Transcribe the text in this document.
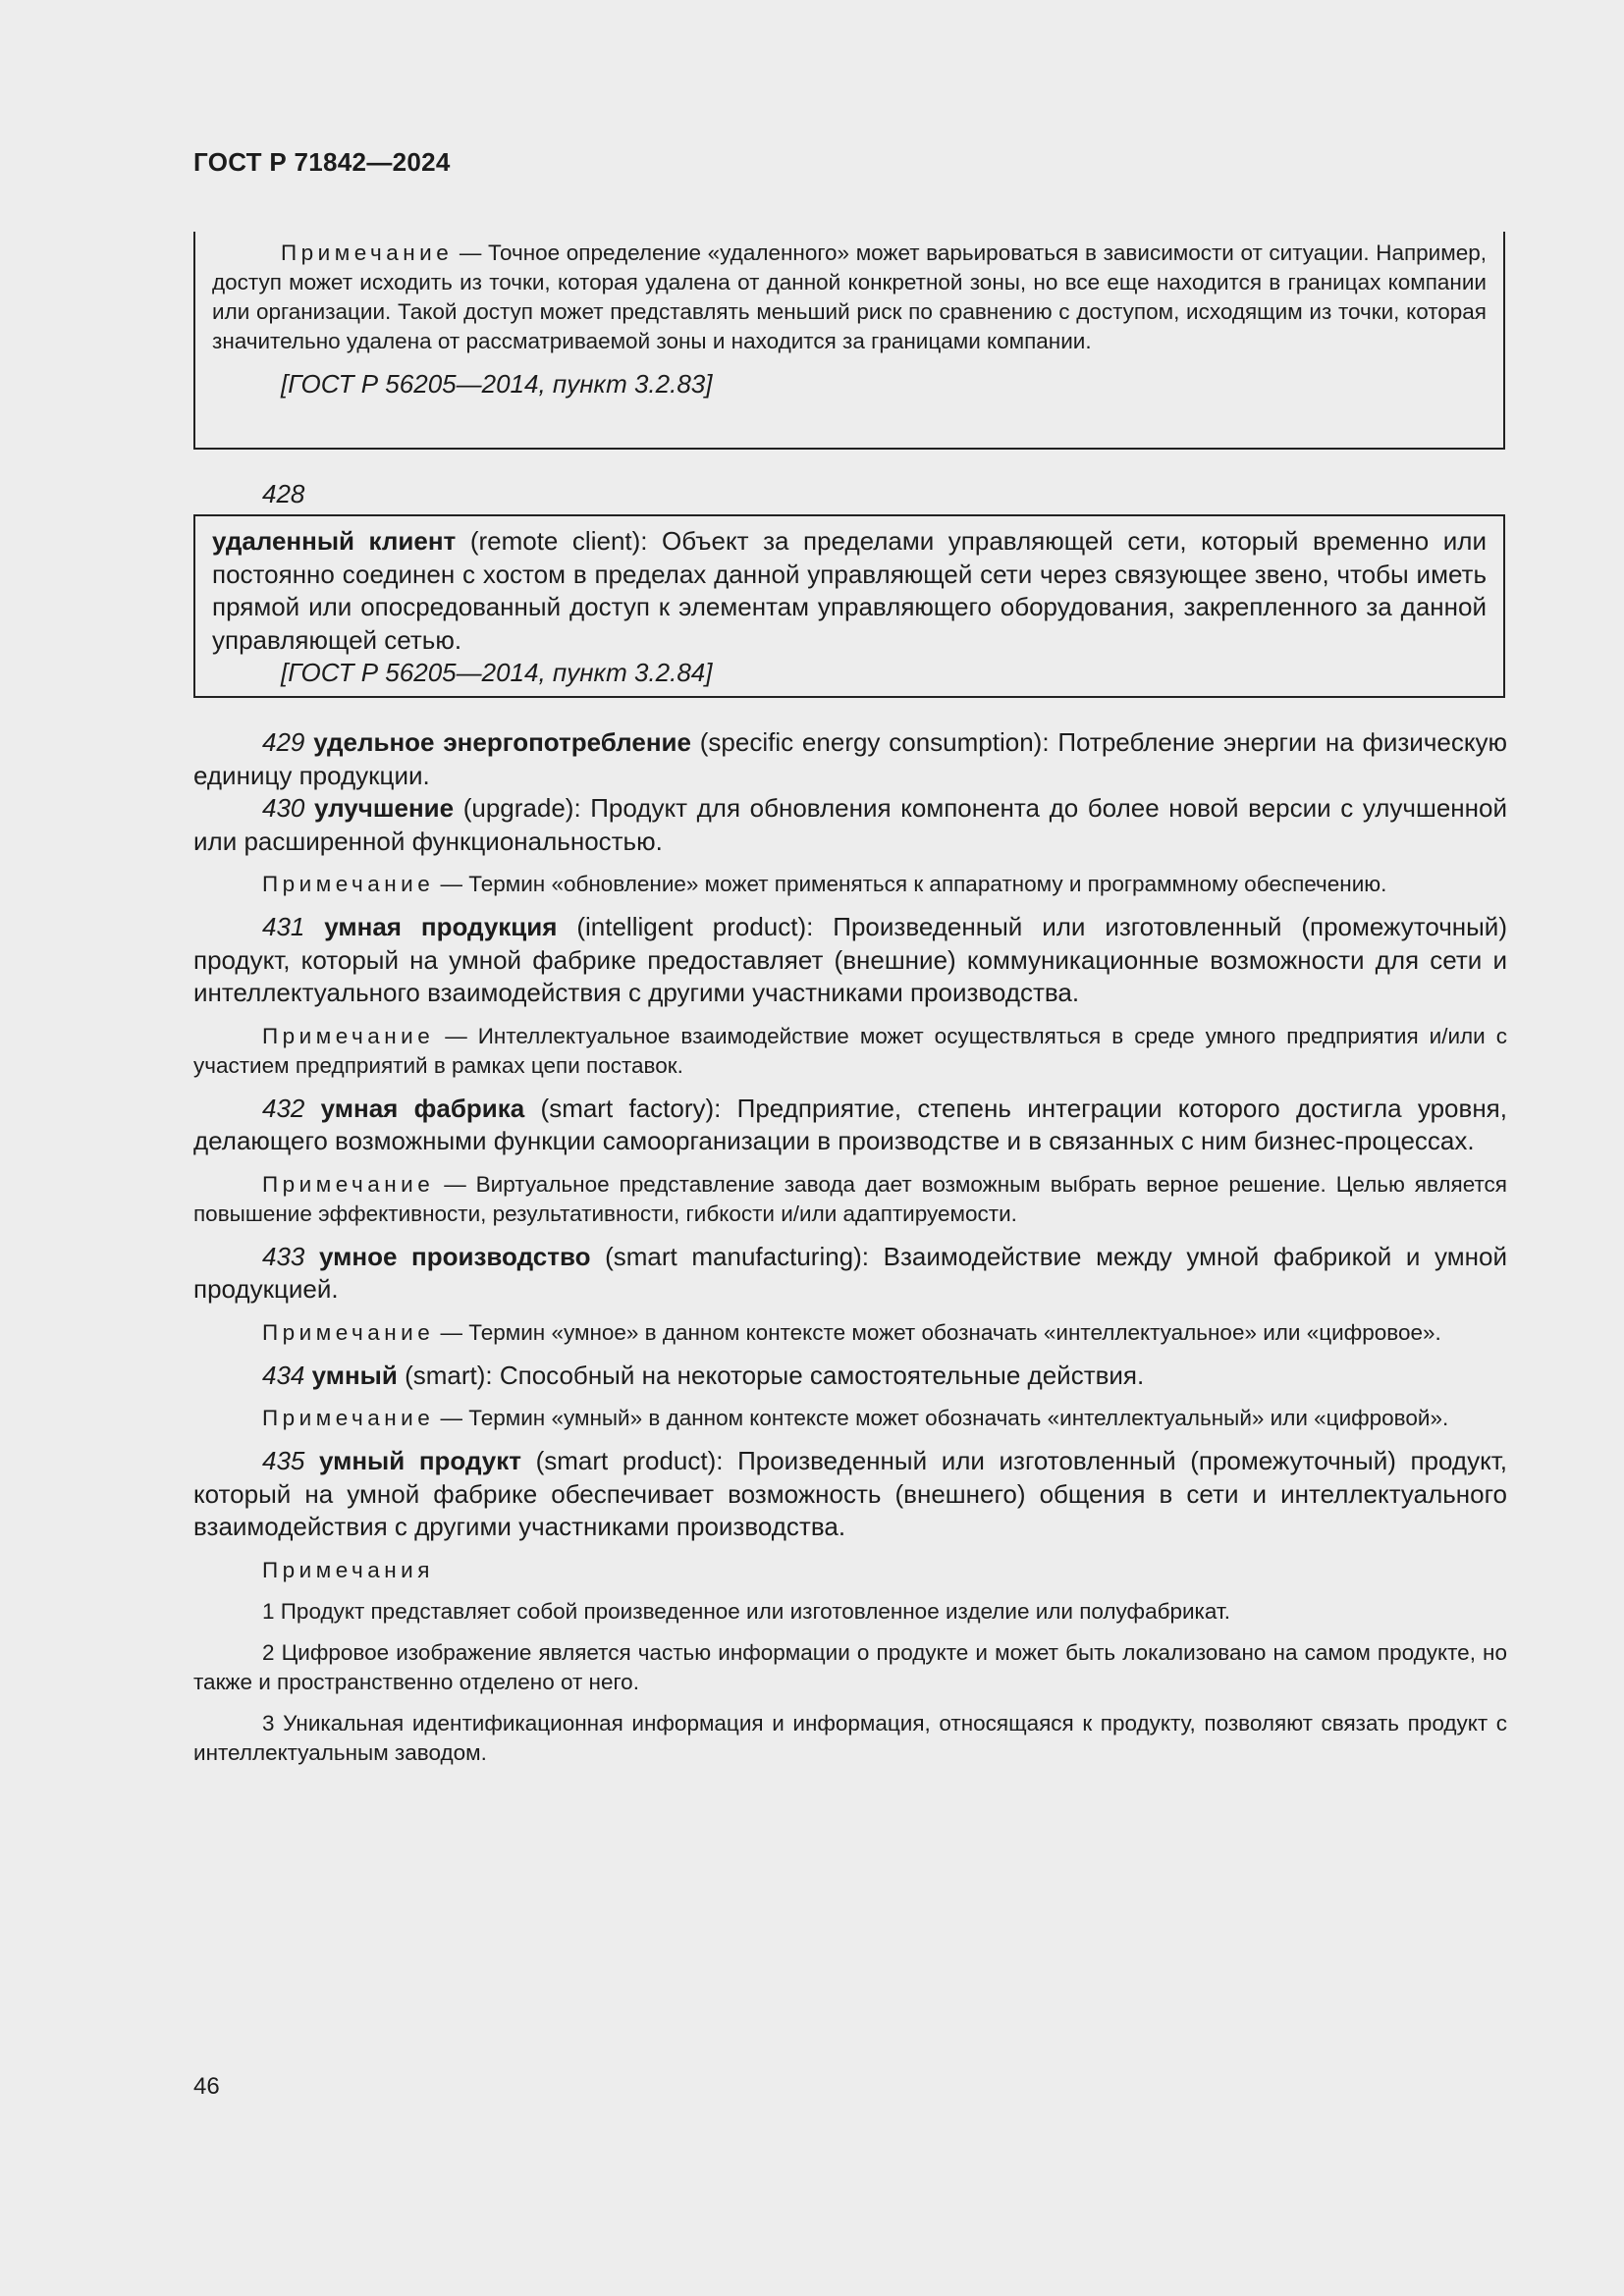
ГОСТ Р 71842—2024

Примечание — Точное определение «удаленного» может варьироваться в зависимости от ситуации. Например, доступ может исходить из точки, которая удалена от данной конкретной зоны, но все еще находится в границах компании или организации. Такой доступ может представлять меньший риск по сравнению с доступом, исходящим из точки, которая значительно удалена от рассматриваемой зоны и находится за границами компании.

[ГОСТ Р 56205—2014, пункт 3.2.83]

428

удаленный клиент (remote client): Объект за пределами управляющей сети, который временно или постоянно соединен с хостом в пределах данной управляющей сети через связующее звено, чтобы иметь прямой или опосредованный доступ к элементам управляющего оборудования, закрепленного за данной управляющей сетью.

[ГОСТ Р 56205—2014, пункт 3.2.84]

429 удельное энергопотребление (specific energy consumption): Потребление энергии на физическую единицу продукции.

430 улучшение (upgrade): Продукт для обновления компонента до более новой версии с улучшенной или расширенной функциональностью.

Примечание — Термин «обновление» может применяться к аппаратному и программному обеспечению.

431 умная продукция (intelligent product): Произведенный или изготовленный (промежуточный) продукт, который на умной фабрике предоставляет (внешние) коммуникационные возможности для сети и интеллектуального взаимодействия с другими участниками производства.

Примечание — Интеллектуальное взаимодействие может осуществляться в среде умного предприятия и/или с участием предприятий в рамках цепи поставок.

432 умная фабрика (smart factory): Предприятие, степень интеграции которого достигла уровня, делающего возможными функции самоорганизации в производстве и в связанных с ним бизнес-процессах.

Примечание — Виртуальное представление завода дает возможным выбрать верное решение. Целью является повышение эффективности, результативности, гибкости и/или адаптируемости.

433 умное производство (smart manufacturing): Взаимодействие между умной фабрикой и умной продукцией.

Примечание — Термин «умное» в данном контексте может обозначать «интеллектуальное» или «цифровое».

434 умный (smart): Способный на некоторые самостоятельные действия.

Примечание — Термин «умный» в данном контексте может обозначать «интеллектуальный» или «цифровой».

435 умный продукт (smart product): Произведенный или изготовленный (промежуточный) продукт, который на умной фабрике обеспечивает возможность (внешнего) общения в сети и интеллектуального взаимодействия с другими участниками производства.

Примечания

1 Продукт представляет собой произведенное или изготовленное изделие или полуфабрикат.

2 Цифровое изображение является частью информации о продукте и может быть локализовано на самом продукте, но также и пространственно отделено от него.

3 Уникальная идентификационная информация и информация, относящаяся к продукту, позволяют связать продукт с интеллектуальным заводом.

46
